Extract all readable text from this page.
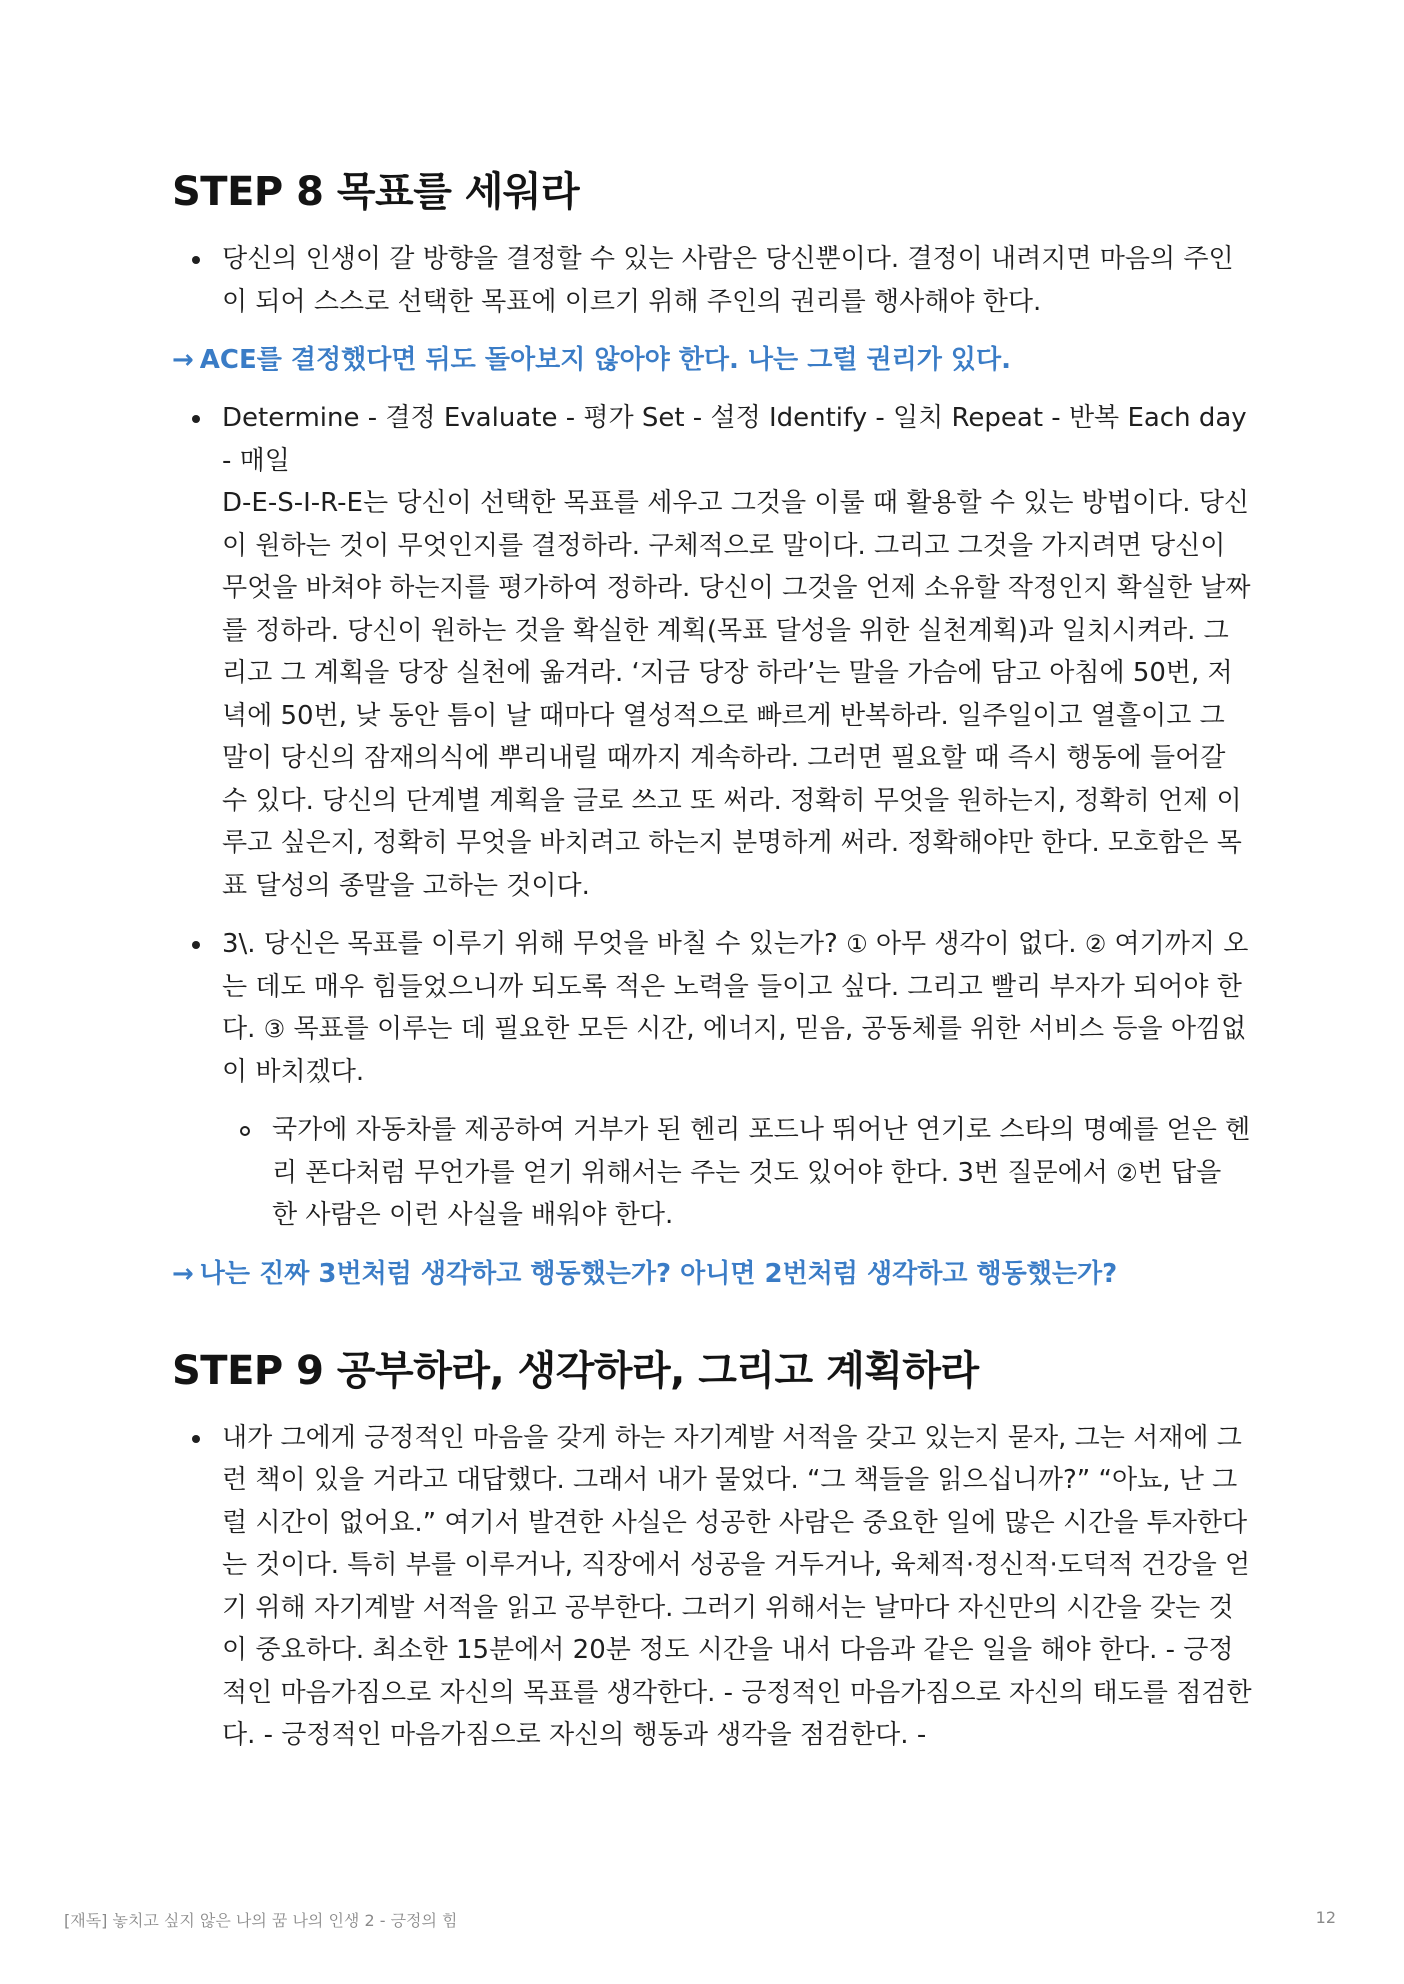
STEP 8 목표를 세워라
당신의 인생이 갈 방향을 결정할 수 있는 사람은 당신뿐이다. 결정이 내려지면 마음의 주인이 되어 스스로 선택한 목표에 이르기 위해 주인의 권리를 행사해야 한다.
→ ACE를 결정했다면 뒤도 돌아보지 않아야 한다. 나는 그럴 권리가 있다.

Determine - 결정 Evaluate - 평가 Set - 설정 Identify - 일치 Repeat - 반복 Each day - 매일

D-E-S-I-R-E는 당신이 선택한 목표를 세우고 그것을 이룰 때 활용할 수 있는 방법이다. 당신이 원하는 것이 무엇인지를 결정하라. 구체적으로 말이다. 그리고 그것을 가지려면 당신이 무엇을 바쳐야 하는지를 평가하여 정하라. 당신이 그것을 언제 소유할 작정인지 확실한 날짜를 정하라. 당신이 원하는 것을 확실한 계획(목표 달성을 위한 실천계획)과 일치시켜라. 그리고 그 계획을 당장 실천에 옮겨라. ‘지금 당장 하라’는 말을 가슴에 담고 아침에 50번, 저녁에 50번, 낮 동안 틈이 날 때마다 열성적으로 빠르게 반복하라. 일주일이고 열흘이고 그 말이 당신의 잠재의식에 뿌리내릴 때까지 계속하라. 그러면 필요할 때 즉시 행동에 들어갈 수 있다. 당신의 단계별 계획을 글로 쓰고 또 써라. 정확히 무엇을 원하는지, 정확히 언제 이루고 싶은지, 정확히 무엇을 바치려고 하는지 분명하게 써라. 정확해야만 한다. 모호함은 목표 달성의 종말을 고하는 것이다.

3\. 당신은 목표를 이루기 위해 무엇을 바칠 수 있는가? ① 아무 생각이 없다. ② 여기까지 오는 데도 매우 힘들었으니까 되도록 적은 노력을 들이고 싶다. 그리고 빨리 부자가 되어야 한다. ③ 목표를 이루는 데 필요한 모든 시간, 에너지, 믿음, 공동체를 위한 서비스 등을 아낌없이 바치겠다.
국가에 자동차를 제공하여 거부가 된 헨리 포드나 뛰어난 연기로 스타의 명예를 얻은 헨리 폰다처럼 무언가를 얻기 위해서는 주는 것도 있어야 한다. 3번 질문에서 ②번 답을 한 사람은 이런 사실을 배워야 한다.
→ 나는 진짜 3번처럼 생각하고 행동했는가? 아니면 2번처럼 생각하고 행동했는가?
STEP 9 공부하라, 생각하라, 그리고 계획하라
내가 그에게 긍정적인 마음을 갖게 하는 자기계발 서적을 갖고 있는지 묻자, 그는 서재에 그런 책이 있을 거라고 대답했다. 그래서 내가 물었다. “그 책들을 읽으십니까?” “아뇨, 난 그럴 시간이 없어요.” 여기서 발견한 사실은 성공한 사람은 중요한 일에 많은 시간을 투자한다는 것이다. 특히 부를 이루거나, 직장에서 성공을 거두거나, 육체적·정신적·도덕적 건강을 얻기 위해 자기계발 서적을 읽고 공부한다. 그러기 위해서는 날마다 자신만의 시간을 갖는 것이 중요하다. 최소한 15분에서 20분 정도 시간을 내서 다음과 같은 일을 해야 한다. - 긍정적인 마음가짐으로 자신의 목표를 생각한다. - 긍정적인 마음가짐으로 자신의 태도를 점검한다. - 긍정적인 마음가짐으로 자신의 행동과 생각을 점검한다. -
[재독] 놓치고 싶지 않은 나의 꿈 나의 인생 2 - 긍정의 힘	12
